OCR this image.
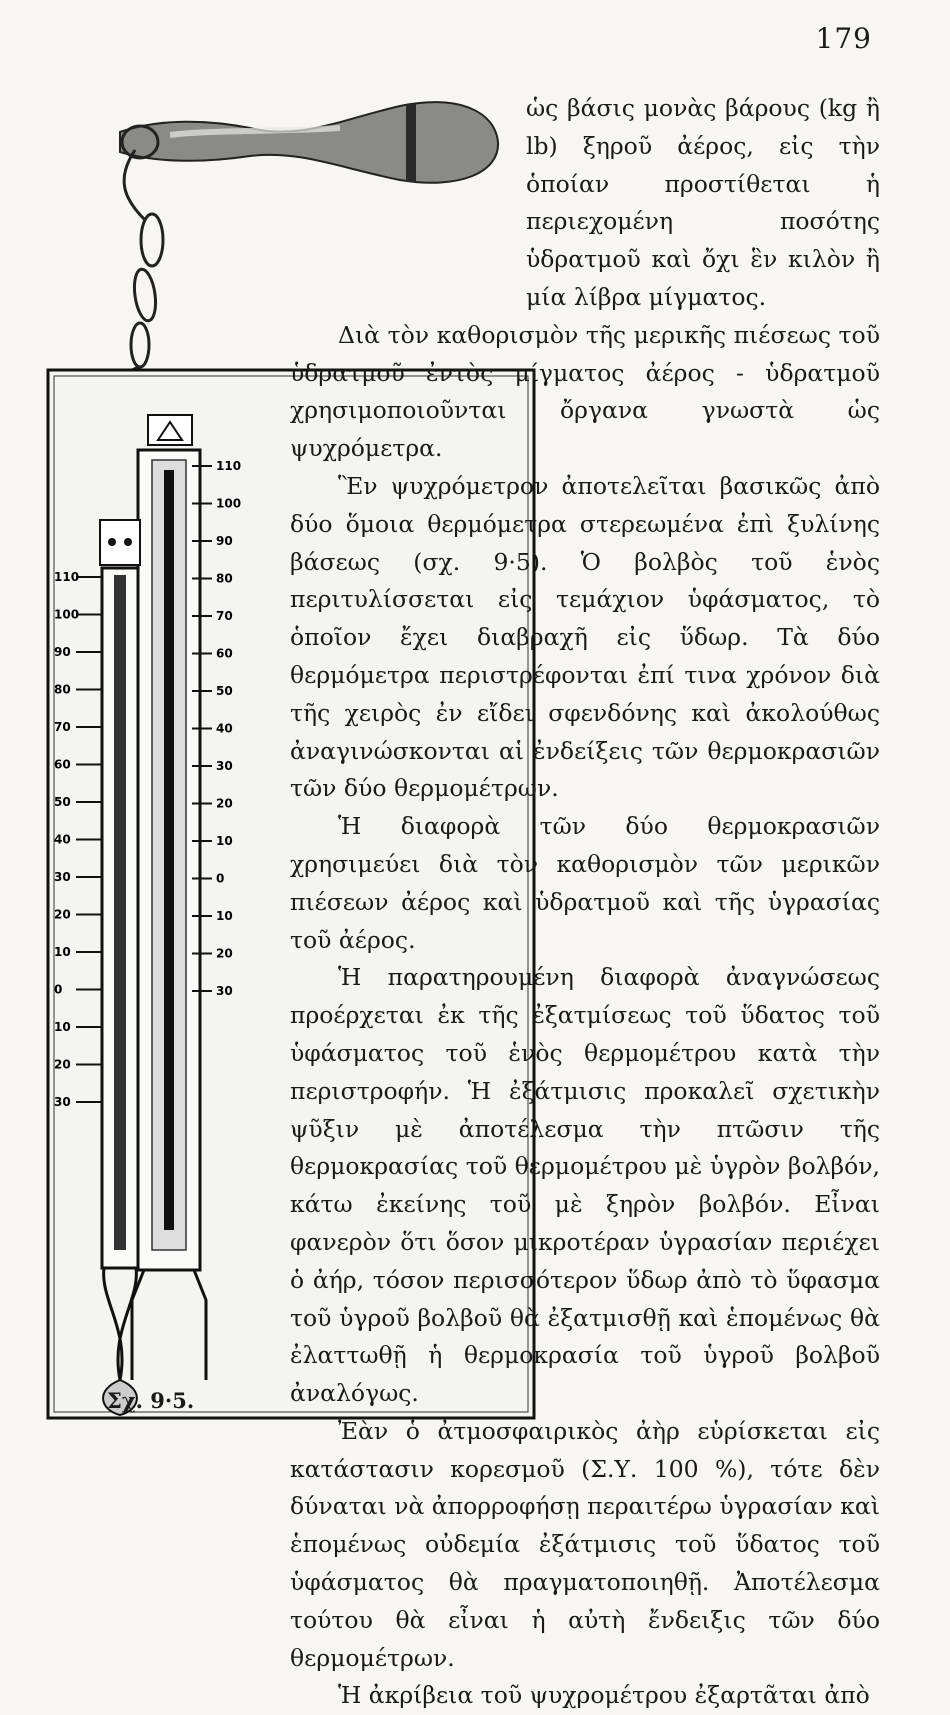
179
110
100
90
80
70
60
50
40
30
20
10
0
10
20
30
110
100
90
80
70
60
50
40
30
20
10
0
10
20
30
Σχ. 9·5.

ὡς βάσις μονὰς βάρους (kg ἢ lb) ξηροῦ ἀέρος, εἰς τὴν ὁποίαν προστίθεται ἡ περιεχομένη ποσότης ὑδρατμοῦ καὶ ὄχι ἓν κιλὸν ἢ μία λίβρα μίγματος.

Διὰ τὸν καθορισμὸν τῆς μερικῆς πιέσεως τοῦ ὑδρατμοῦ ἐντὸς μίγματος ἀέρος - ὑδρατμοῦ χρησιμοποιοῦνται ὄργανα γνωστὰ ὡς ψυχρόμετρα.

Ἓν ψυχρόμετρον ἀποτελεῖται βασικῶς ἀπὸ δύο ὅμοια θερμόμετρα στερεωμένα ἐπὶ ξυλίνης βάσεως (σχ. 9·5). Ὁ βολβὸς τοῦ ἑνὸς περιτυλίσσεται εἰς τεμάχιον ὑφάσματος, τὸ ὁποῖον ἔχει διαβραχῆ εἰς ὕδωρ. Τὰ δύο θερμόμετρα περιστρέφονται ἐπί τινα χρόνον διὰ τῆς χειρὸς ἐν εἴδει σφενδόνης καὶ ἀκολούθως ἀναγινώσκονται αἱ ἐνδείξεις τῶν θερμοκρασιῶν τῶν δύο θερμομέτρων.

Ἡ διαφορὰ τῶν δύο θερμοκρασιῶν χρησιμεύει διὰ τὸν καθορισμὸν τῶν μερικῶν πιέσεων ἀέρος καὶ ὑδρατμοῦ καὶ τῆς ὑγρασίας τοῦ ἀέρος.

Ἡ παρατηρουμένη διαφορὰ ἀναγνώσεως προέρχεται ἐκ τῆς ἐξατμίσεως τοῦ ὕδατος τοῦ ὑφάσματος τοῦ ἑνὸς θερμομέτρου κατὰ τὴν περιστροφήν. Ἡ ἐξάτμισις προκαλεῖ σχετικὴν ψῦξιν μὲ ἀποτέλεσμα τὴν πτῶσιν τῆς θερμοκρασίας τοῦ θερμομέτρου μὲ ὑγρὸν βολβόν, κάτω ἐκείνης τοῦ μὲ ξηρὸν βολβόν. Εἶναι φανερὸν ὅτι ὅσον μικροτέραν ὑγρασίαν περιέχει ὁ ἀήρ, τόσον περισσότερον ὕδωρ ἀπὸ τὸ ὕφασμα τοῦ ὑγροῦ βολβοῦ θὰ ἐξατμισθῇ καὶ ἑπομένως θὰ ἐλαττωθῇ ἡ θερμοκρασία τοῦ ὑγροῦ βολβοῦ ἀναλόγως.

Ἐὰν ὁ ἀτμοσφαιρικὸς ἀὴρ εὑρίσκεται εἰς κατάστασιν κορεσμοῦ (Σ.Υ. 100 %), τότε δὲν δύναται νὰ ἀπορροφήσῃ περαιτέρω ὑγρασίαν καὶ ἑπομένως οὐδεμία ἐξάτμισις τοῦ ὕδατος τοῦ ὑφάσματος θὰ πραγματοποιηθῇ. Ἀποτέλεσμα τούτου θὰ εἶναι ἡ αὐτὴ ἔνδειξις τῶν δύο θερμομέτρων.

Ἡ ἀκρίβεια τοῦ ψυχρομέτρου ἐξαρτᾶται ἀπὸ
